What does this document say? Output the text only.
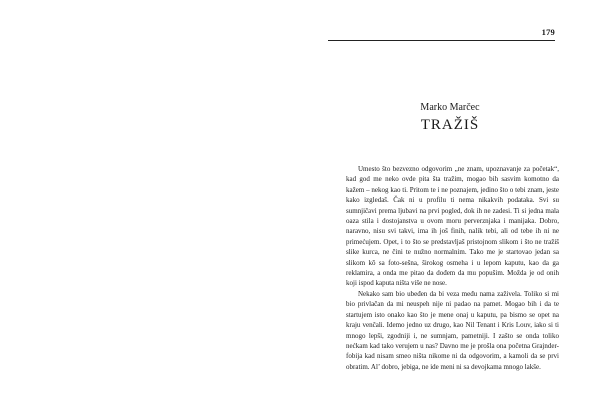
179
Marko Marčec
TRAŽIŠ

Umesto što bezvezno odgovorim „ne znam, upoznavanje za početak“, kad god me neko ovde pita šta tražim, mogao bih sasvim komotno da kažem – nekog kao ti. Pritom te i ne poznajem, jedino što o tebi znam, jeste kako izgledaš. Čak ni u profilu ti nema nikakvih podataka. Svi su sumnjičavi prema ljubavi na prvi pogled, dok ih ne zadesi. Ti si jedna mala oaza stila i dostojanstva u ovom moru perverznjaka i manijaka. Dobro, naravno, nisu svi takvi, ima ih još finih, nalik tebi, ali od tebe ih ni ne primećujem. Opet, i to što se predstavljaš pristojnom slikom i što ne tražiš slike kurca, ne čini te nužno normalnim. Tako me je startovao jedan sa slikom kō sa foto-sešna, širokog osmeha i u lepom kaputu, kao da ga reklamira, a onda me pitao da dođem da mu popušim. Možda je od onih koji ispod kaputa ništa više ne nose.

Nekako sam bio ubeđen da bi veza među nama zaživela. Toliko si mi bio privlačan da mi neuspeh nije ni padao na pamet. Mogao bih i da te startujem isto onako kao što je mene onaj u kaputu, pa bismo se opet na kraju venčali. Idemo jedno uz drugo, kao Nil Tenant i Kris Louv, iako si ti mnogo lepši, zgodniji i, ne sumnjam, pametniji. I zašto se onda toliko nećkam kad tako verujem u nas? Davno me je prošla ona početna Grajnder-fobija kad nisam smeo ništa nikome ni da odgovorim, a kamoli da se prvi obratim. Al’ dobro, jebiga, ne ide meni ni sa devojkama mnogo lakše.
